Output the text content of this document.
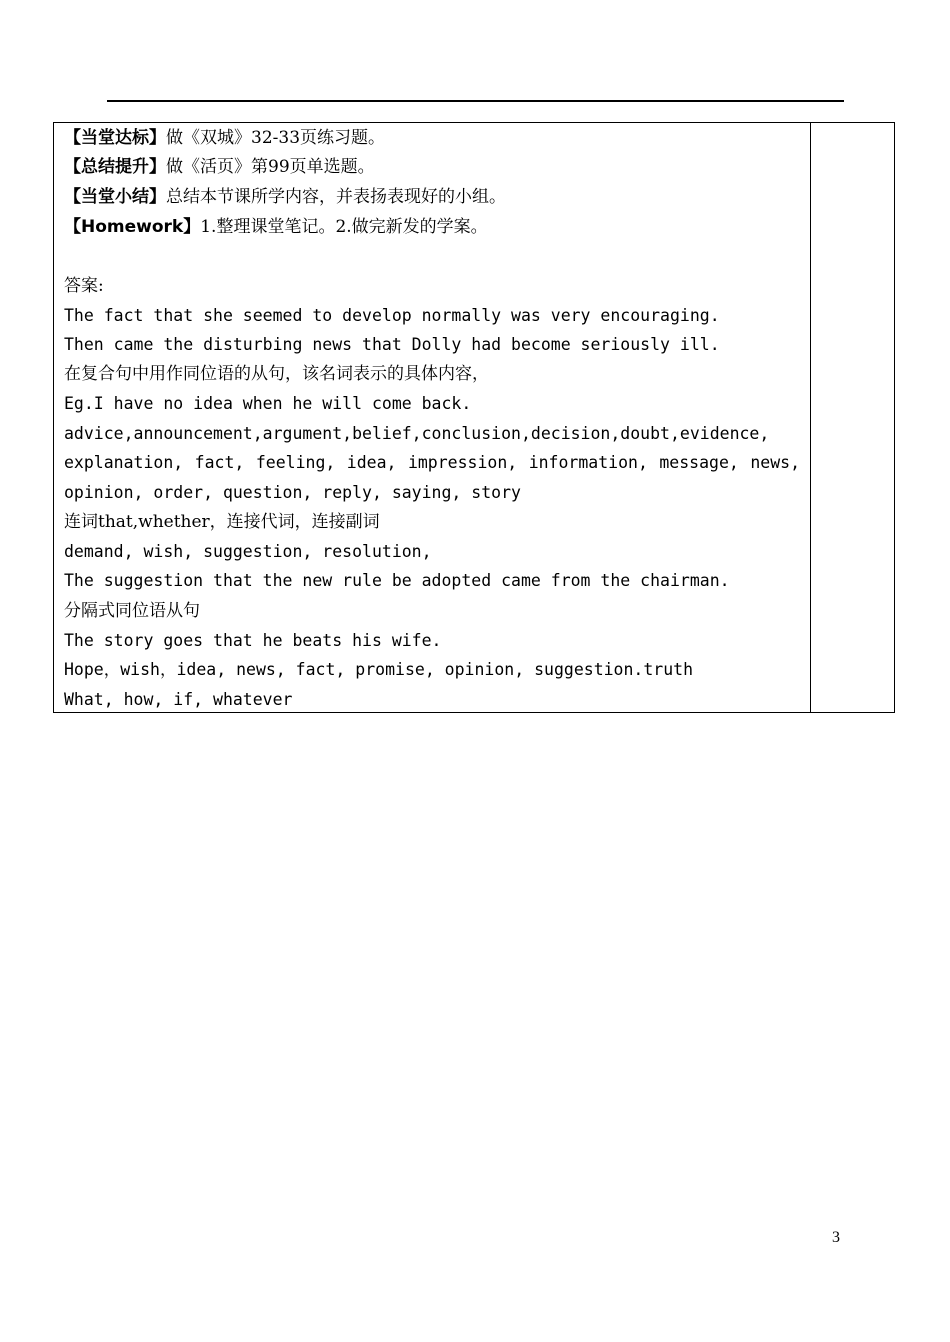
【当堂达标】做《双城》32-33页练习题。
【总结提升】做《活页》第99页单选题。
【当堂小结】总结本节课所学内容，并表扬表现好的小组。
【Homework】1.整理课堂笔记。2.做完新发的学案。
答案:
The fact that she seemed to develop normally was very encouraging.
Then came the disturbing news that Dolly had become seriously ill.
在复合句中用作同位语的从句，该名词表示的具体内容，
Eg.I have no idea when he will come back.
advice,announcement,argument,belief,conclusion,decision,doubt,evidence,
explanation, fact, feeling, idea, impression, information, message, news,
opinion, order, question, reply, saying, story
连词that,whether，连接代词，连接副词
demand, wish, suggestion, resolution,
The suggestion that the new rule be adopted came from the chairman.
分隔式同位语从句
The story goes that he beats his wife.
Hope，wish，idea, news, fact, promise, opinion, suggestion.truth
What, how, if, whatever
3
